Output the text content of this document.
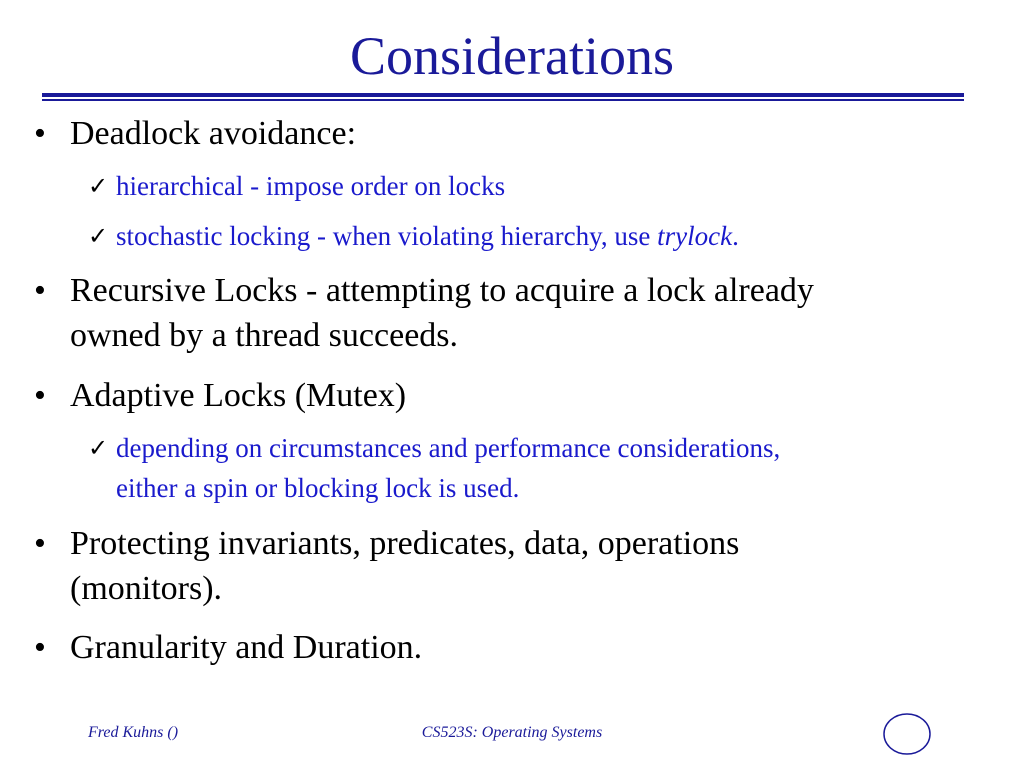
Considerations
• Deadlock avoidance:
✓ hierarchical - impose order on locks
✓ stochastic locking - when violating hierarchy, use trylock.
• Recursive Locks - attempting to acquire a lock already
owned by a thread succeeds.
• Adaptive Locks (Mutex)
✓ depending on circumstances and performance considerations,
either a spin or blocking lock is used.
• Protecting invariants, predicates, data, operations
(monitors).
• Granularity and Duration.
Fred Kuhns ()	CS523S: Operating Systems
